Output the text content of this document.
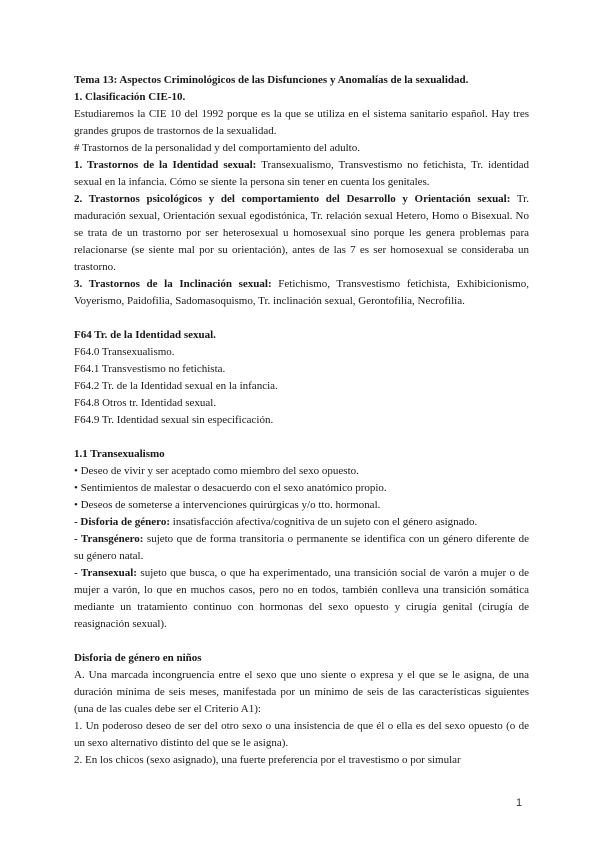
Tema 13: Aspectos Criminológicos de las Disfunciones y Anomalías de la sexualidad.

1. Clasificación CIE-10.

Estudiaremos la CIE 10 del 1992 porque es la que se utiliza en el sistema sanitario español. Hay tres grandes grupos de trastornos de la sexualidad.

# Trastornos de la personalidad y del comportamiento del adulto.

1. Trastornos de la Identidad sexual: Transexualismo, Transvestismo no fetichista, Tr. identidad sexual en la infancia. Cómo se siente la persona sin tener en cuenta los genitales.

2. Trastornos psicológicos y del comportamiento del Desarrollo y Orientación sexual: Tr. maduración sexual, Orientación sexual egodistónica, Tr. relación sexual Hetero, Homo o Bisexual. No se trata de un trastorno por ser heterosexual u homosexual sino porque les genera problemas para relacionarse (se siente mal por su orientación), antes de las 7 es ser homosexual se consideraba un trastorno.

3. Trastornos de la Inclinación sexual: Fetichismo, Transvestismo fetichista, Exhibicionismo, Voyerismo, Paidofilia, Sadomasoquismo, Tr. inclinación sexual, Gerontofilia, Necrofilia.

F64 Tr. de la Identidad sexual.

F64.0 Transexualismo.

F64.1 Transvestismo no fetichista.

F64.2 Tr. de la Identidad sexual en la infancia.

F64.8 Otros tr. Identidad sexual.

F64.9 Tr. Identidad sexual sin especificación.

1.1 Transexualismo

• Deseo de vivir y ser aceptado como miembro del sexo opuesto.

• Sentimientos de malestar o desacuerdo con el sexo anatómico propio.

• Deseos de someterse a intervenciones quirúrgicas y/o tto. hormonal.

- Disforia de género: insatisfacción afectiva/cognitiva de un sujeto con el género asignado.

- Transgénero: sujeto que de forma transitoria o permanente se identifica con un género diferente de su género natal.

- Transexual: sujeto que busca, o que ha experimentado, una transición social de varón a mujer o de mujer a varón, lo que en muchos casos, pero no en todos, también conlleva una transición somática mediante un tratamiento continuo con hormonas del sexo opuesto y cirugía genital (cirugía de reasignación sexual).

Disforia de género en niños

A. Una marcada incongruencia entre el sexo que uno siente o expresa y el que se le asigna, de una duración mínima de seis meses, manifestada por un mínimo de seis de las características siguientes (una de las cuales debe ser el Criterio A1):

1. Un poderoso deseo de ser del otro sexo o una insistencia de que él o ella es del sexo opuesto (o de un sexo alternativo distinto del que se le asigna).

2. En los chicos (sexo asignado), una fuerte preferencia por el travestismo o por simular

1
